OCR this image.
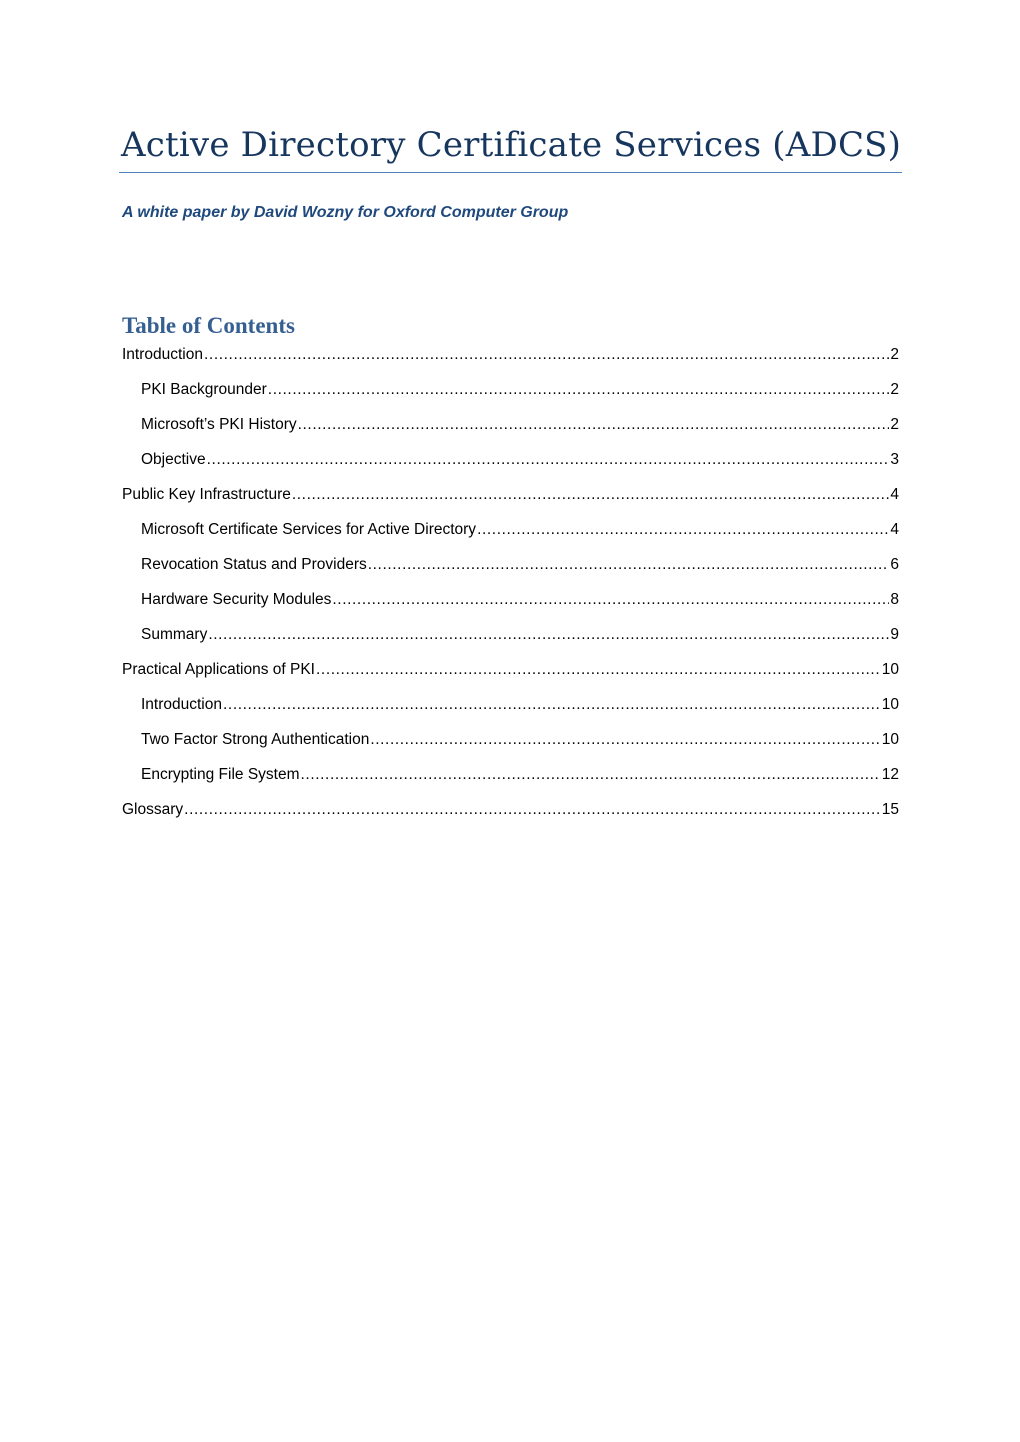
Active Directory Certificate Services (ADCS)
A white paper by David Wozny for Oxford Computer Group
Table of Contents
Introduction .....	2
PKI Backgrounder .....	2
Microsoft’s PKI History .....	2
Objective .....	3
Public Key Infrastructure .....	4
Microsoft Certificate Services for Active Directory .....	4
Revocation Status and Providers .....	6
Hardware Security Modules .....	8
Summary .....	9
Practical Applications of PKI .....	10
Introduction .....	10
Two Factor Strong Authentication .....	10
Encrypting File System .....	12
Glossary .....	15
